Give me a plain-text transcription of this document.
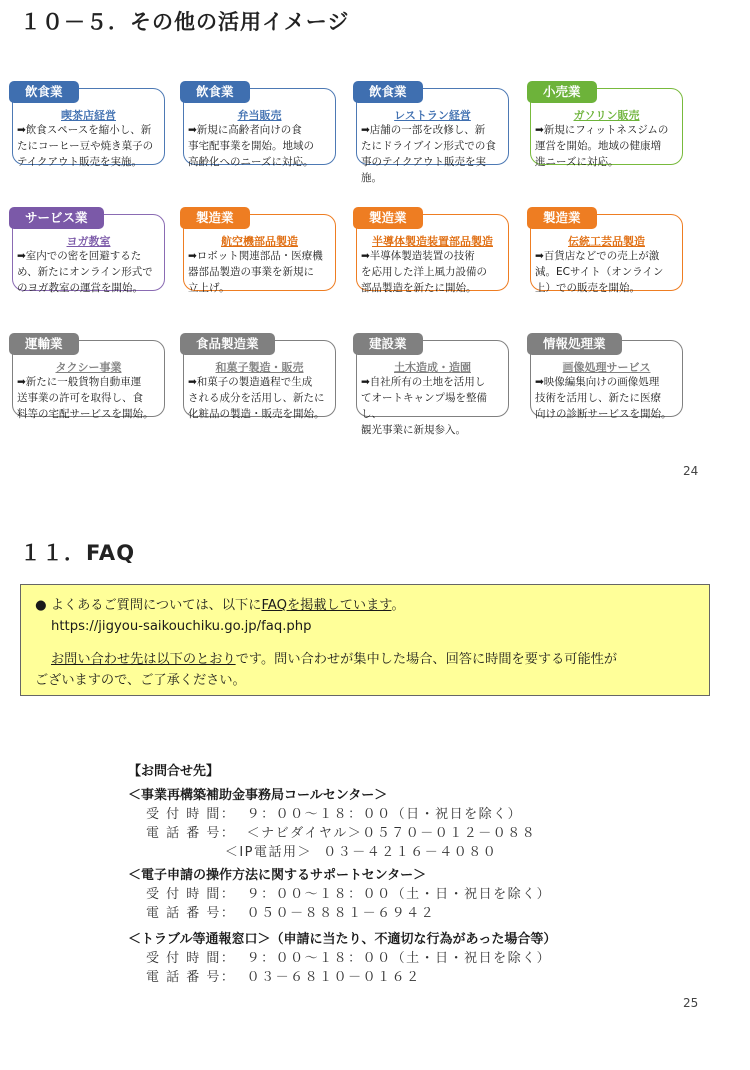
１０－５．その他の活用イメージ
飲食業
喫茶店経営
➡飲食スペースを縮小し、新
たにコーヒー豆や焼き菓子の
テイクアウト販売を実施。
飲食業
弁当販売
➡新規に高齢者向けの食
事宅配事業を開始。地域の
高齢化へのニーズに対応。
飲食業
レストラン経営
➡店舗の一部を改修し、新
たにドライブイン形式での食
事のテイクアウト販売を実施。
小売業
ガソリン販売
➡新規にフィットネスジムの
運営を開始。地域の健康増
進ニーズに対応。
サービス業
ヨガ教室
➡室内での密を回避するた
め、新たにオンライン形式で
のヨガ教室の運営を開始。
製造業
航空機部品製造
➡ロボット関連部品・医療機
器部品製造の事業を新規に
立上げ。
製造業
半導体製造装置部品製造
➡半導体製造装置の技術
を応用した洋上風力設備の
部品製造を新たに開始。
製造業
伝統工芸品製造
➡百貨店などでの売上が激
減。ECサイト（オンライン
上）での販売を開始。
運輸業
タクシー事業
➡新たに一般貨物自動車運
送事業の許可を取得し、食
料等の宅配サービスを開始。
食品製造業
和菓子製造・販売
➡和菓子の製造過程で生成
される成分を活用し、新たに
化粧品の製造・販売を開始。
建設業
土木造成・造園
➡自社所有の土地を活用し
てオートキャンプ場を整備し、
観光事業に新規参入。
情報処理業
画像処理サービス
➡映像編集向けの画像処理
技術を活用し、新たに医療
向けの診断サービスを開始。
24
１１．FAQ
● よくあるご質問については、以下にFAQを掲載しています。
https://jigyou-saikouchiku.go.jp/faq.php
お問い合わせ先は以下のとおりです。問い合わせが集中した場合、回答に時間を要する可能性が
ございますので、ご了承ください。
【お問合せ先】
＜事業再構築補助金事務局コールセンター＞
受 付 時 間：  ９：００～１８：００（日・祝日を除く）
電 話 番 号：  ＜ナビダイヤル＞０５７０－０１２－０８８
＜IP電話用＞  ０３－４２１６－４０８０
＜電子申請の操作方法に関するサポートセンター＞
受 付 時 間：  ９：００～１８：００（土・日・祝日を除く）
電 話 番 号：  ０５０－８８８１－６９４２
＜トラブル等通報窓口＞（申請に当たり、不適切な行為があった場合等）
受 付 時 間：  ９：００～１８：００（土・日・祝日を除く）
電 話 番 号：  ０３－６８１０－０１６２
25
